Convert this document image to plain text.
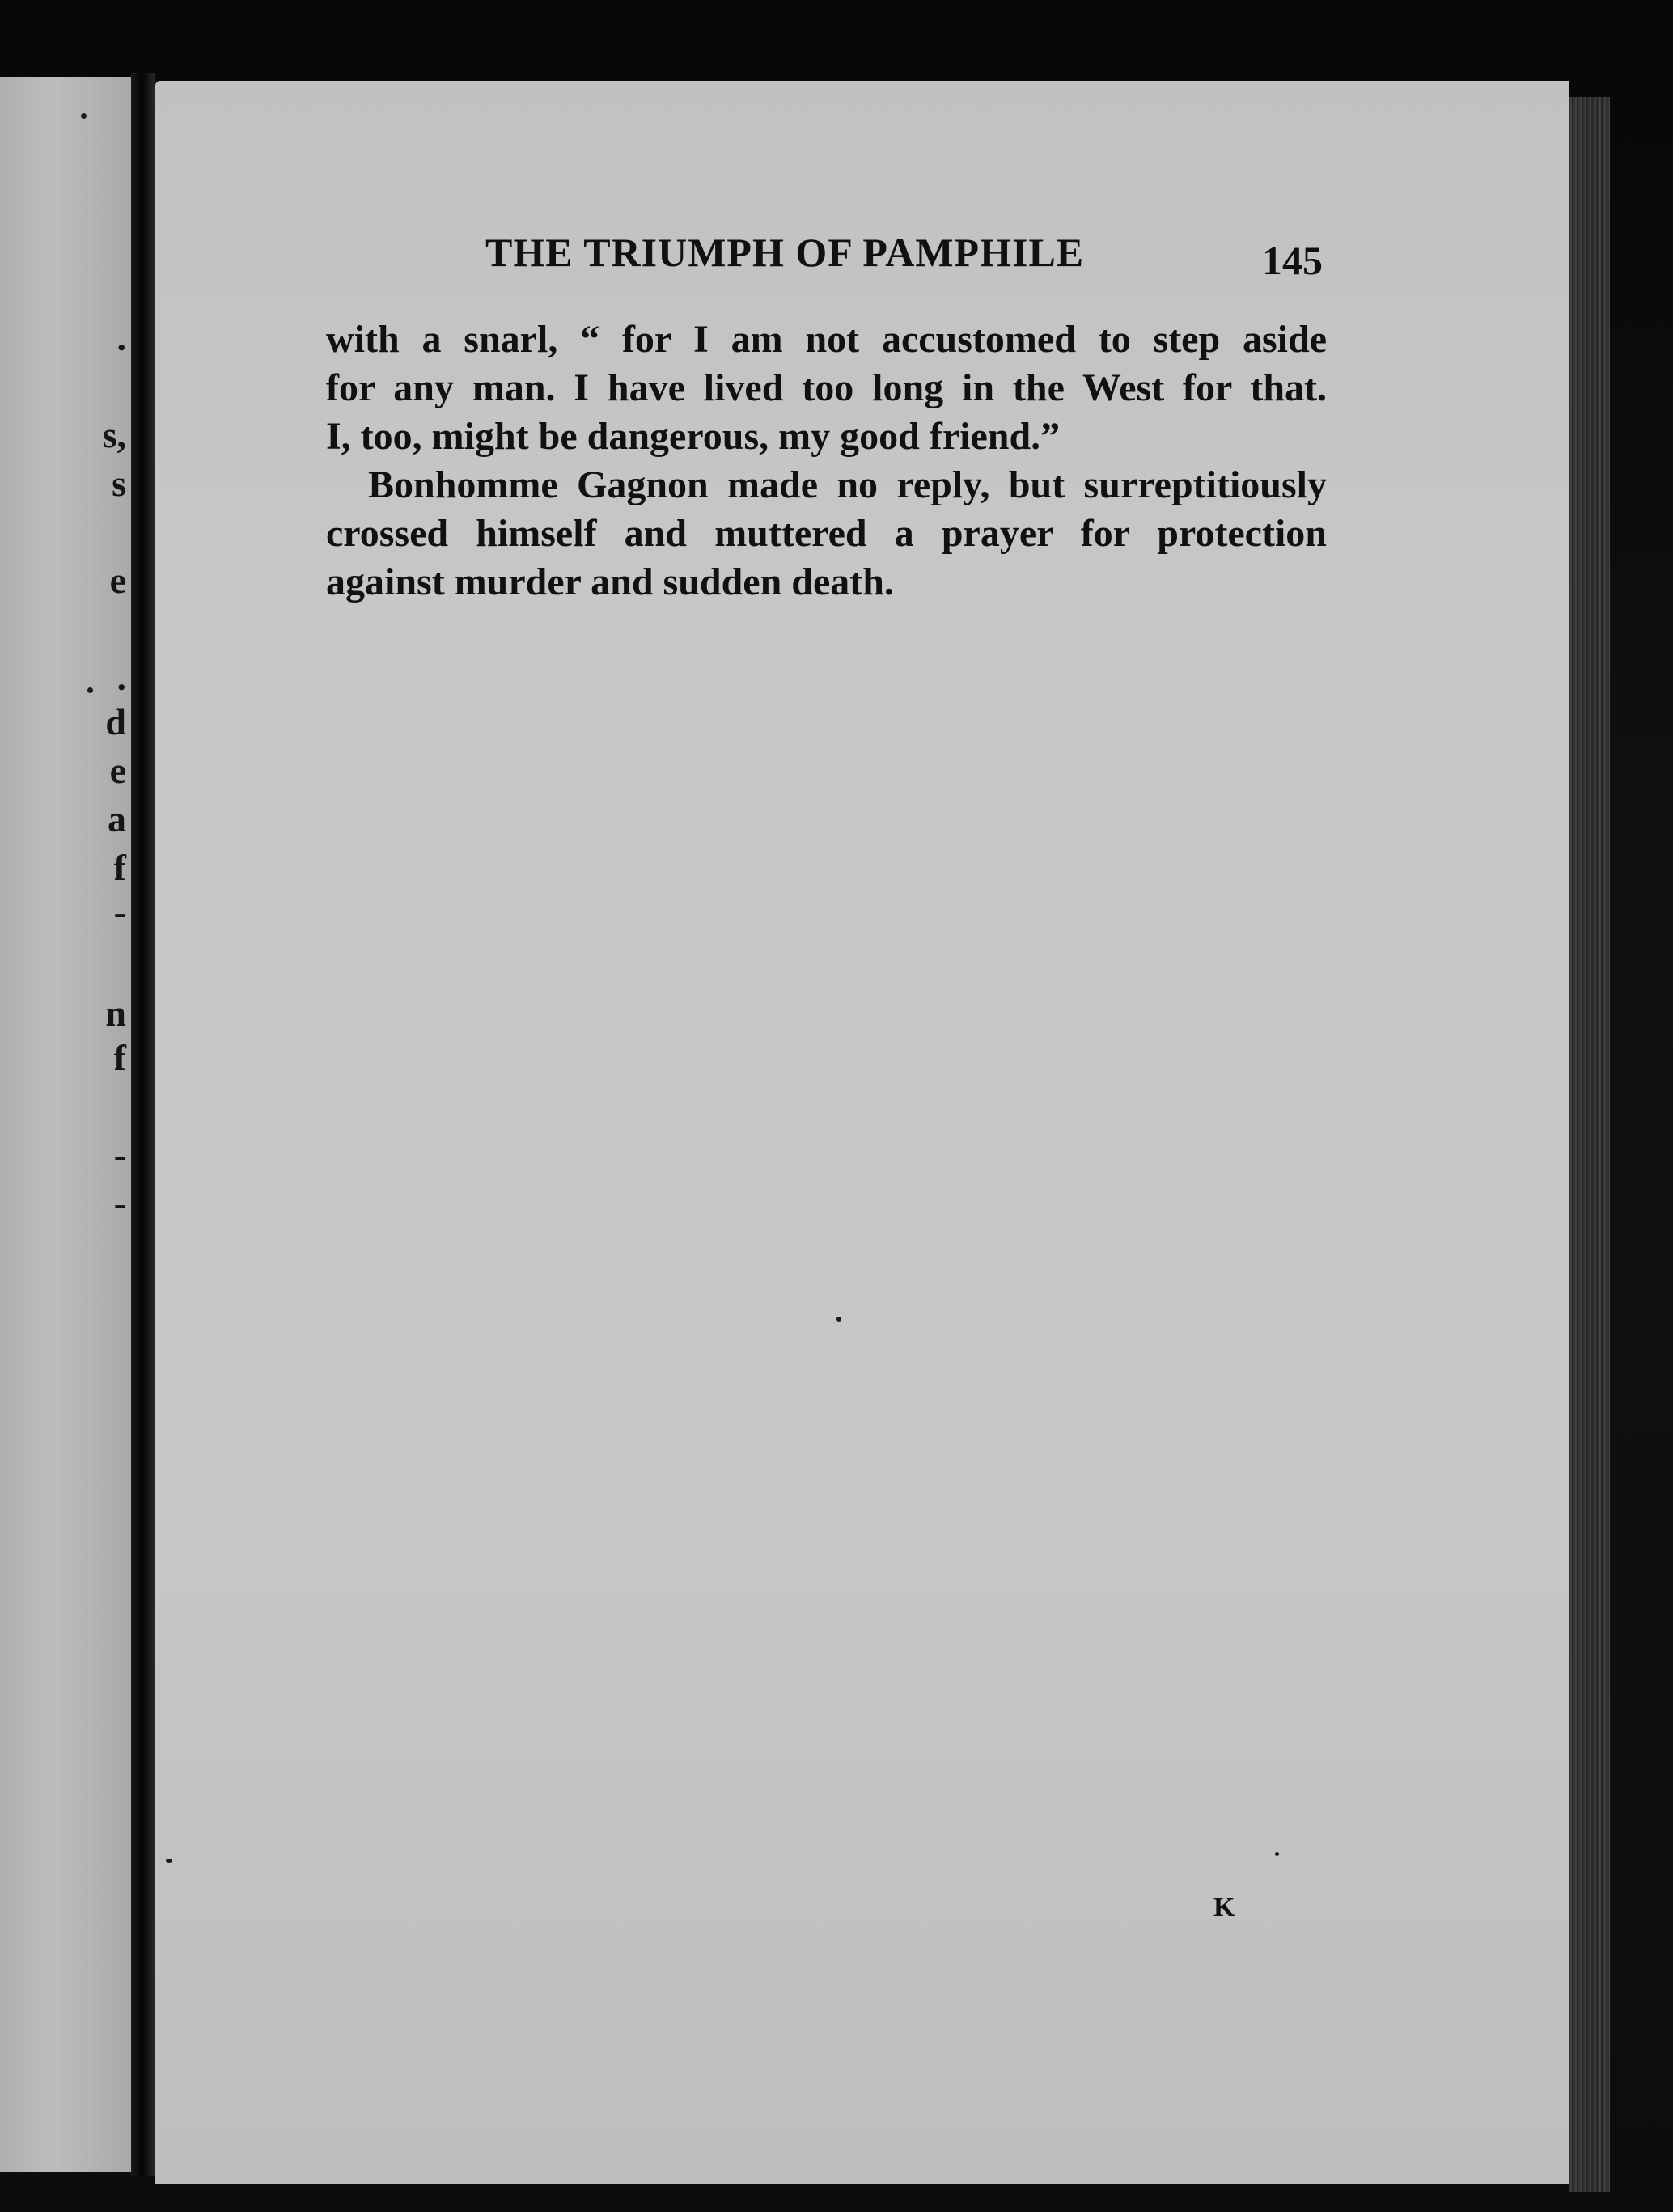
.
s,
s
e
.
d
e
a
f
-
n
f
-
-
THE TRIUMPH OF PAMPHILE	145
with a snarl, “ for I am not accustomed to step aside
for any man. I have lived too long in the West for that.
I, too, might be dangerous, my good friend.”
Bonhomme Gagnon made no reply, but surreptitiously
crossed himself and muttered a prayer for protection
against murder and sudden death.
K
